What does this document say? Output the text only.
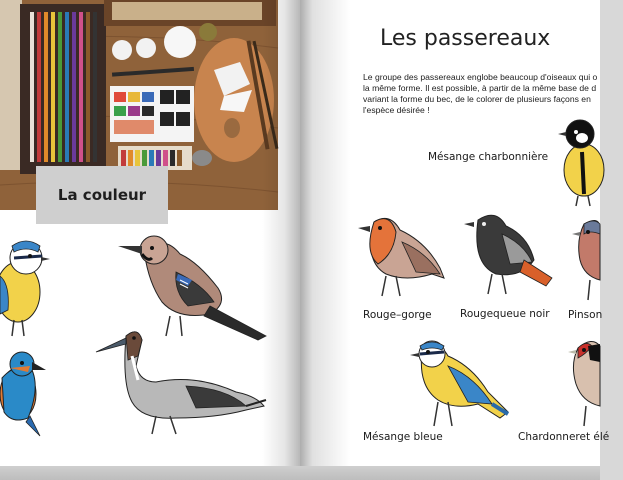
La couleur
Les passereaux
Le groupe des passereaux englobe beaucoup d'oiseaux qui o
la même forme. Il est possible, à partir de la même base de d
variant la forme du bec, de le colorer de plusieurs façons en
l'espèce désirée !
Mésange charbonnière
Rouge–gorge	Rougequeue noir Pinson
Mésange bleue	Chardonneret élé
